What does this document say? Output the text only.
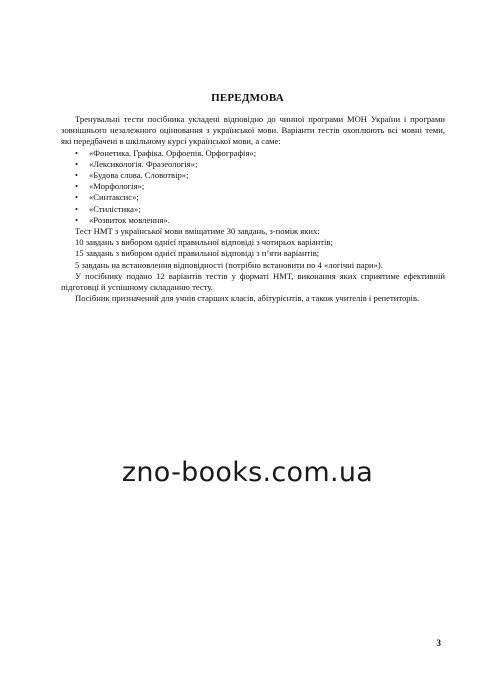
ПЕРЕДМОВА

Тренувальні тести посібника укладені відповідно до чинної програми МОН України і програми зовнішнього незалежного оцінювання з української мови. Варіанти тестів охоплюють всі мовні теми, які передбачені в шкільному курсі української мови, а саме:

• «Фонетика. Графіка. Орфоепія. Орфографія»;
• «Лексикологія. Фразеологія»;
• «Будова слова. Словотвір»;
• «Морфологія»;
• «Синтаксис»;
• «Стилістика»;
• «Розвиток мовлення».

Тест НМТ з української мови вміщатиме 30 завдань, з-поміж яких:

10 завдань з вибором однієї правильної відповіді з чотирьох варіантів;

15 завдань з вибором однієї правильної відповіді з п’яти варіантів;

5 завдань на встановлення відповідності (потрібно встановити по 4 «логічні пари»).

У посібнику подано 12 варіантів тестів у форматі НМТ, виконання яких сприятиме ефективній підготовці й успішному складанню тесту.

Посібник призначений для учнів старших класів, абітурієнтів, а також учителів і репетиторів.

zno-books.com.ua
3
